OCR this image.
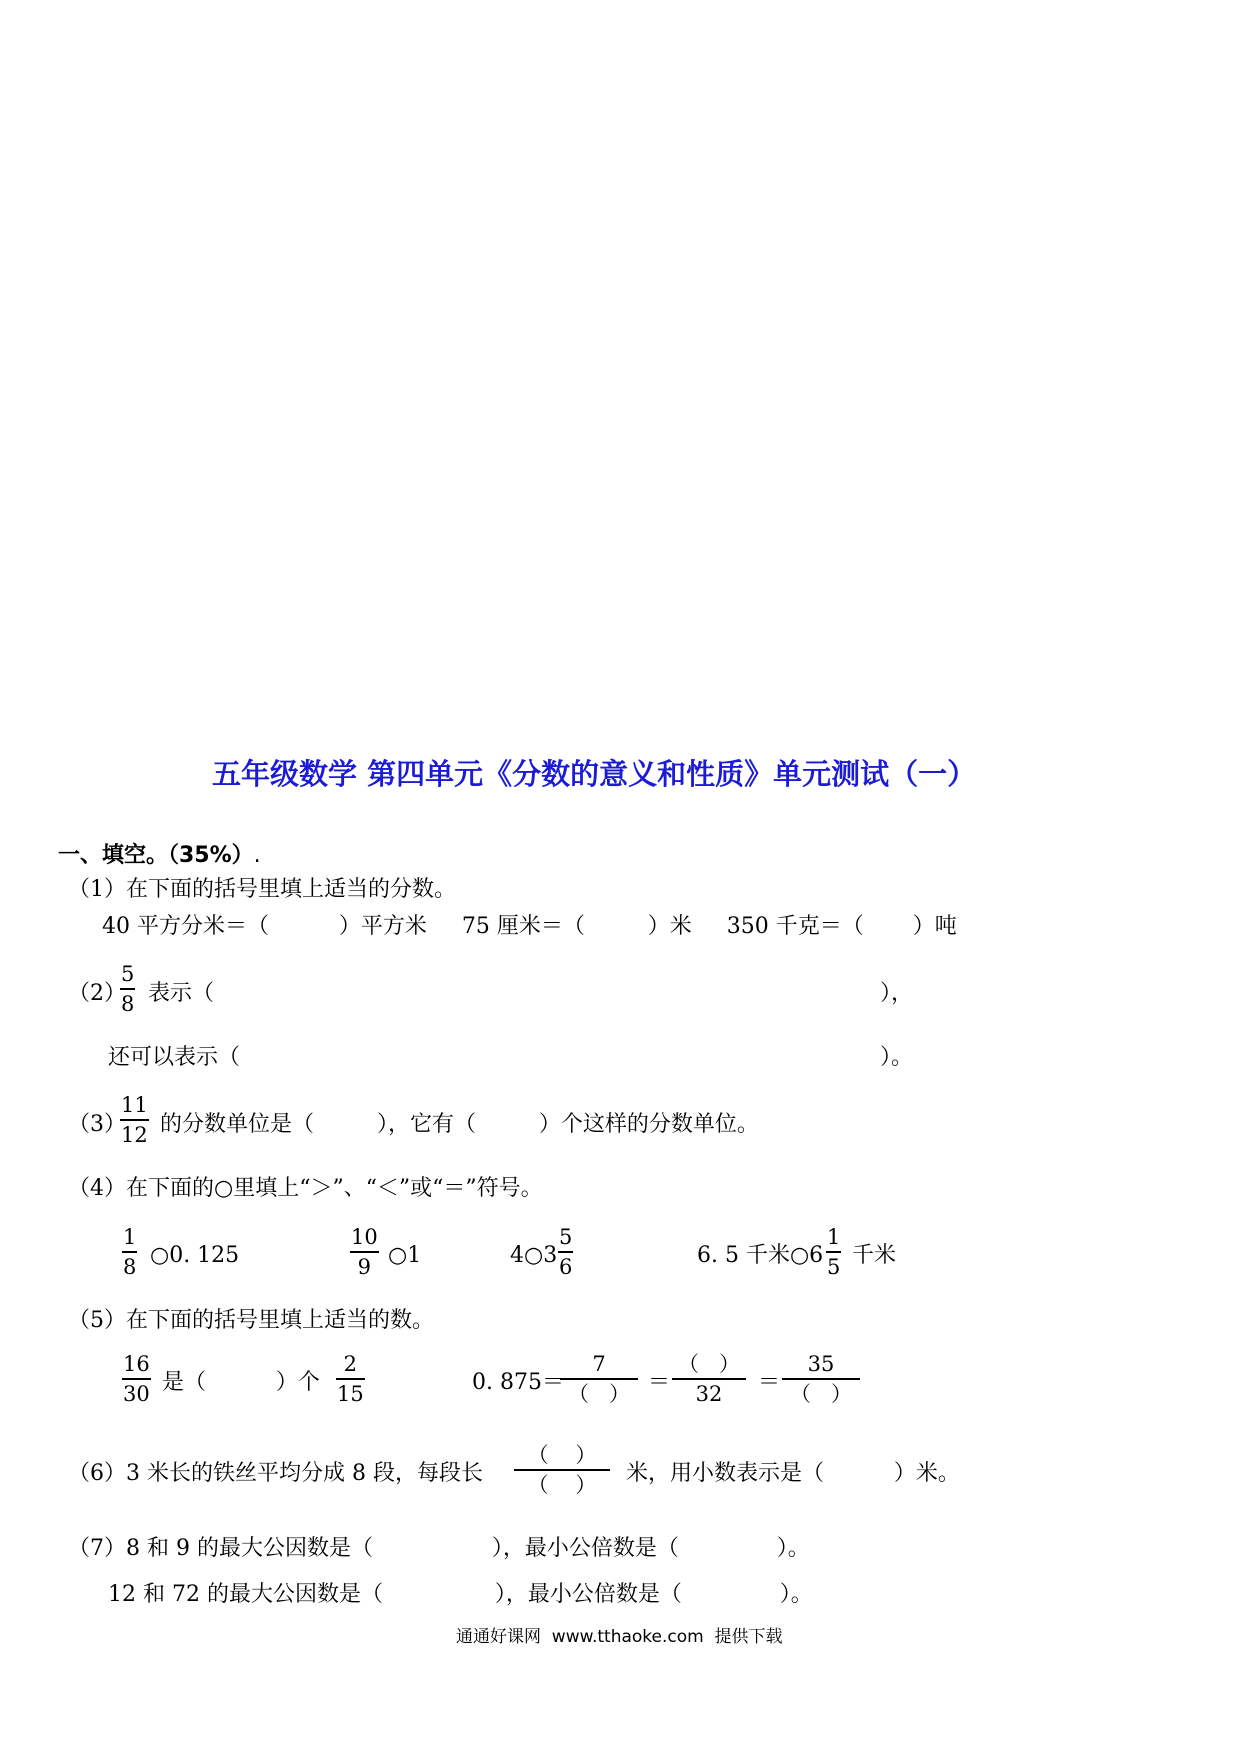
五年级数学 第四单元《分数的意义和性质》单元测试（一）
一、填空。（35%）.
（1）在下面的括号里填上适当的分数。
40 平方分米＝（          ）平方米     75 厘米＝（         ）米     350 千克＝（       ）吨
（2）
5
8 表示（	），
还可以表示（	）。
（3）
11
12 的分数单位是（         ），它有（         ）个这样的分数单位。
（4）在下面的○里填上“＞”、“＜”或“＝”符号。
1
8 ○0. 125
10
9 ○1	4○3
5
6	6. 5 千米○6
1
5 千米
（5）在下面的括号里填上适当的数。
16
30 是（          ）个
2
15	0. 875＝
7
（   ） ＝
（   ）
32 ＝
35
（   ）
（6）3 米长的铁丝平均分成 8 段，每段长
（    ）
（    ） 米，用小数表示是（          ）米。
（7）8 和 9 的最大公因数是（                 ），最小公倍数是（              ）。
12 和 72 的最大公因数是（                ），最小公倍数是（              ）。
通通好课网  www.tthaoke.com  提供下载
